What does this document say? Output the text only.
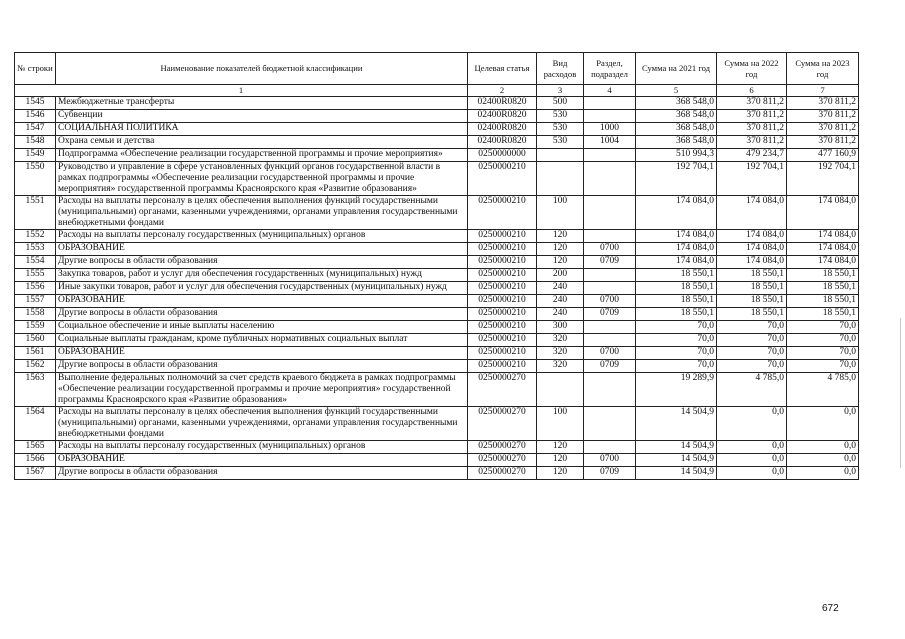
№ строки	Наименование показателей бюджетной классификации	Целевая статья	Вид расходов	Раздел, подраздел	Сумма на 2021 год	Сумма на 2022 год	Сумма на 2023 год
1		2	3	4	5	6	7
1545	Межбюджетные трансферты	02400R0820	500		368 548,0	370 811,2	370 811,2
1546	Субвенции	02400R0820	530		368 548,0	370 811,2	370 811,2
1547	СОЦИАЛЬНАЯ ПОЛИТИКА	02400R0820	530	1000	368 548,0	370 811,2	370 811,2
1548	Охрана семьи и детства	02400R0820	530	1004	368 548,0	370 811,2	370 811,2
1549	Подпрограмма «Обеспечение реализации государственной программы и прочие мероприятия»	0250000000			510 994,3	479 234,7	477 160,9
1550	Руководство и управление в сфере установленных функций органов государственной власти в рамках подпрограммы «Обеспечение реализации государственной программы и прочие мероприятия» государственной программы Красноярского края «Развитие образования»	0250000210			192 704,1	192 704,1	192 704,1
1551	Расходы на выплаты персоналу в целях обеспечения выполнения функций государственными (муниципальными) органами, казенными учреждениями, органами управления государственными внебюджетными фондами	0250000210	100		174 084,0	174 084,0	174 084,0
1552	Расходы на выплаты персоналу государственных (муниципальных) органов	0250000210	120		174 084,0	174 084,0	174 084,0
1553	ОБРАЗОВАНИЕ	0250000210	120	0700	174 084,0	174 084,0	174 084,0
1554	Другие вопросы в области образования	0250000210	120	0709	174 084,0	174 084,0	174 084,0
1555	Закупка товаров, работ и услуг для обеспечения государственных (муниципальных) нужд	0250000210	200		18 550,1	18 550,1	18 550,1
1556	Иные закупки товаров, работ и услуг для обеспечения государственных (муниципальных) нужд	0250000210	240		18 550,1	18 550,1	18 550,1
1557	ОБРАЗОВАНИЕ	0250000210	240	0700	18 550,1	18 550,1	18 550,1
1558	Другие вопросы в области образования	0250000210	240	0709	18 550,1	18 550,1	18 550,1
1559	Социальное обеспечение и иные выплаты населению	0250000210	300		70,0	70,0	70,0
1560	Социальные выплаты гражданам, кроме публичных нормативных социальных выплат	0250000210	320		70,0	70,0	70,0
1561	ОБРАЗОВАНИЕ	0250000210	320	0700	70,0	70,0	70,0
1562	Другие вопросы в области образования	0250000210	320	0709	70,0	70,0	70,0
1563	Выполнение федеральных полномочий за счет средств краевого бюджета в рамках подпрограммы «Обеспечение реализации государственной программы и прочие мероприятия» государственной программы Красноярского края «Развитие образования»	0250000270			19 289,9	4 785,0	4 785,0
1564	Расходы на выплаты персоналу в целях обеспечения выполнения функций государственными (муниципальными) органами, казенными учреждениями, органами управления государственными внебюджетными фондами	0250000270	100		14 504,9	0,0	0,0
1565	Расходы на выплаты персоналу государственных (муниципальных) органов	0250000270	120		14 504,9	0,0	0,0
1566	ОБРАЗОВАНИЕ	0250000270	120	0700	14 504,9	0,0	0,0
1567	Другие вопросы в области образования	0250000270	120	0709	14 504,9	0,0	0,0
672
